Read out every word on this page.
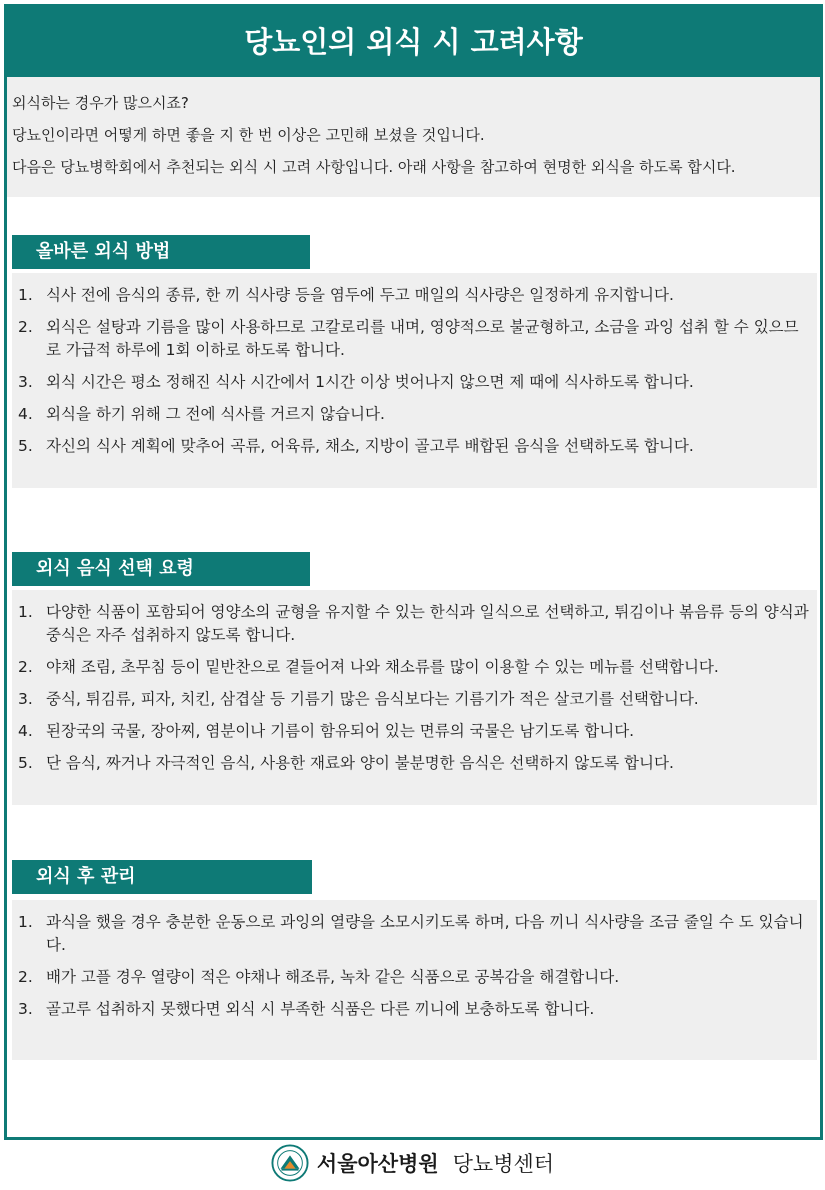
당뇨인의 외식 시 고려사항

외식하는 경우가 많으시죠?

당뇨인이라면 어떻게 하면 좋을 지 한 번 이상은 고민해 보셨을 것입니다.

다음은 당뇨병학회에서 추천되는 외식 시 고려 사항입니다. 아래 사항을 참고하여 현명한 외식을 하도록 합시다.

올바른 외식 방법
1. 식사 전에 음식의 종류, 한 끼 식사량 등을 염두에 두고 매일의 식사량은 일정하게 유지합니다.
2. 외식은 설탕과 기름을 많이 사용하므로 고칼로리를 내며, 영양적으로 불균형하고, 소금을 과잉 섭취 할 수 있으므로 가급적 하루에 1회 이하로 하도록 합니다.
3. 외식 시간은 평소 정해진 식사 시간에서 1시간 이상 벗어나지 않으면 제 때에 식사하도록 합니다.
4. 외식을 하기 위해 그 전에 식사를 거르지 않습니다.
5. 자신의 식사 계획에 맞추어 곡류, 어육류, 채소, 지방이 골고루 배합된 음식을 선택하도록 합니다.
외식 음식 선택 요령
1. 다양한 식품이 포함되어 영양소의 균형을 유지할 수 있는 한식과 일식으로 선택하고, 튀김이나 볶음류 등의 양식과 중식은 자주 섭취하지 않도록 합니다.
2. 야채 조림, 초무침 등이 밑반찬으로 곁들어져 나와 채소류를 많이 이용할 수 있는 메뉴를 선택합니다.
3. 중식, 튀김류, 피자, 치킨, 삼겹살 등 기름기 많은 음식보다는 기름기가 적은 살코기를 선택합니다.
4. 된장국의 국물, 장아찌, 염분이나 기름이 함유되어 있는 면류의 국물은 남기도록 합니다.
5. 단 음식, 짜거나 자극적인 음식, 사용한 재료와 양이 불분명한 음식은 선택하지 않도록 합니다.
외식 후 관리
1. 과식을 했을 경우 충분한 운동으로 과잉의 열량을 소모시키도록 하며, 다음 끼니 식사량을 조금 줄일 수 도 있습니다.
2. 배가 고플 경우 열량이 적은 야채나 해조류, 녹차 같은 식품으로 공복감을 해결합니다.
3. 골고루 섭취하지 못했다면 외식 시 부족한 식품은 다른 끼니에 보충하도록 합니다.
서울아산병원 당뇨병센터
